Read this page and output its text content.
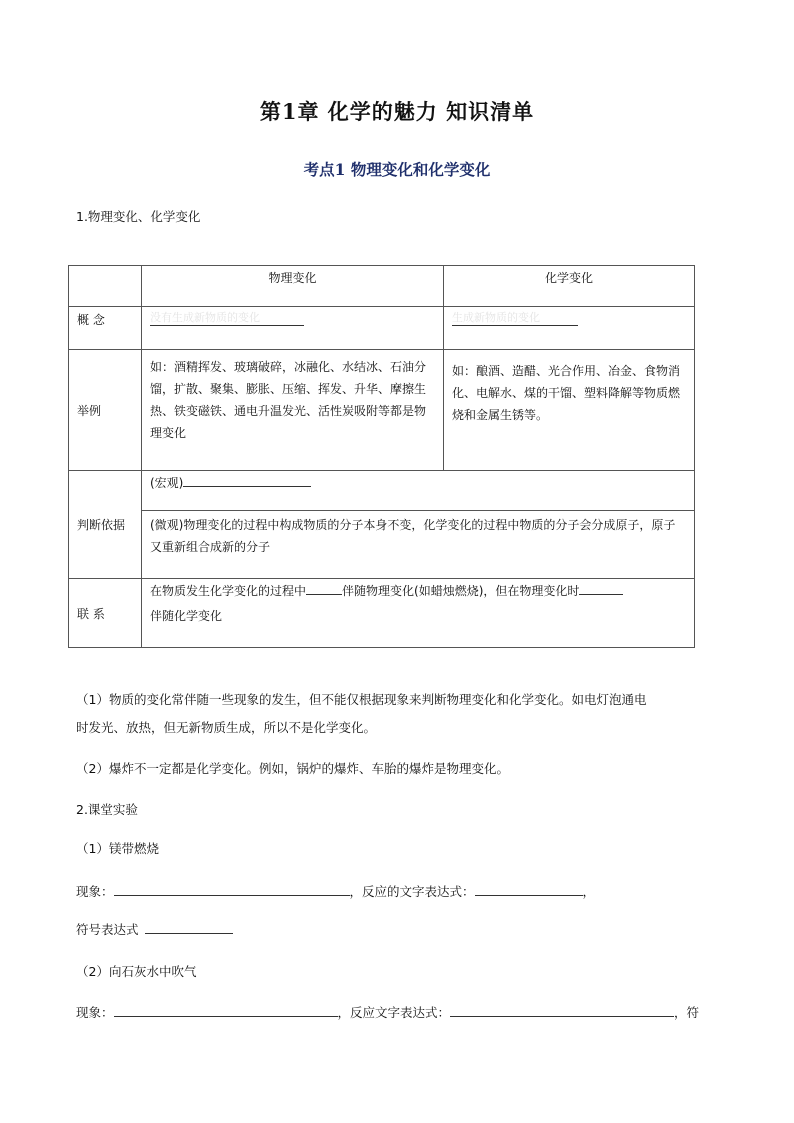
第1章 化学的魅力 知识清单
考点1 物理变化和化学变化
1.物理变化、化学变化
	物理变化	化学变化
概 念	没有生成新物质的变化	生成新物质的变化
举例	如：酒精挥发、玻璃破碎，冰融化、水结冰、石油分馏，扩散、聚集、膨胀、压缩、挥发、升华、摩擦生热、铁变磁铁、通电升温发光、活性炭吸附等都是物理变化	如：酿酒、造醋、光合作用、冶金、食物消化、电解水、煤的干馏、塑料降解等物质燃烧和金属生锈等。
判断依据	(宏观)	
	(微观)物理变化的过程中构成物质的分子本身不变，化学变化的过程中物质的分子会分成原子，原子又重新组合成新的分子	
联 系	在物质发生化学变化的过程中 伴随物理变化(如蜡烛燃烧)，但在物理变化时
伴随化学变化	
（1）物质的变化常伴随一些现象的发生，但不能仅根据现象来判断物理变化和化学变化。如电灯泡通电
时发光、放热，但无新物质生成，所以不是化学变化。
（2）爆炸不一定都是化学变化。例如，锅炉的爆炸、车胎的爆炸是物理变化。
2.课堂实验
（1）镁带燃烧
现象：	，反应的文字表达式：	，
符号表达式
（2）向石灰水中吹气
现象：	，反应文字表达式：	，符
